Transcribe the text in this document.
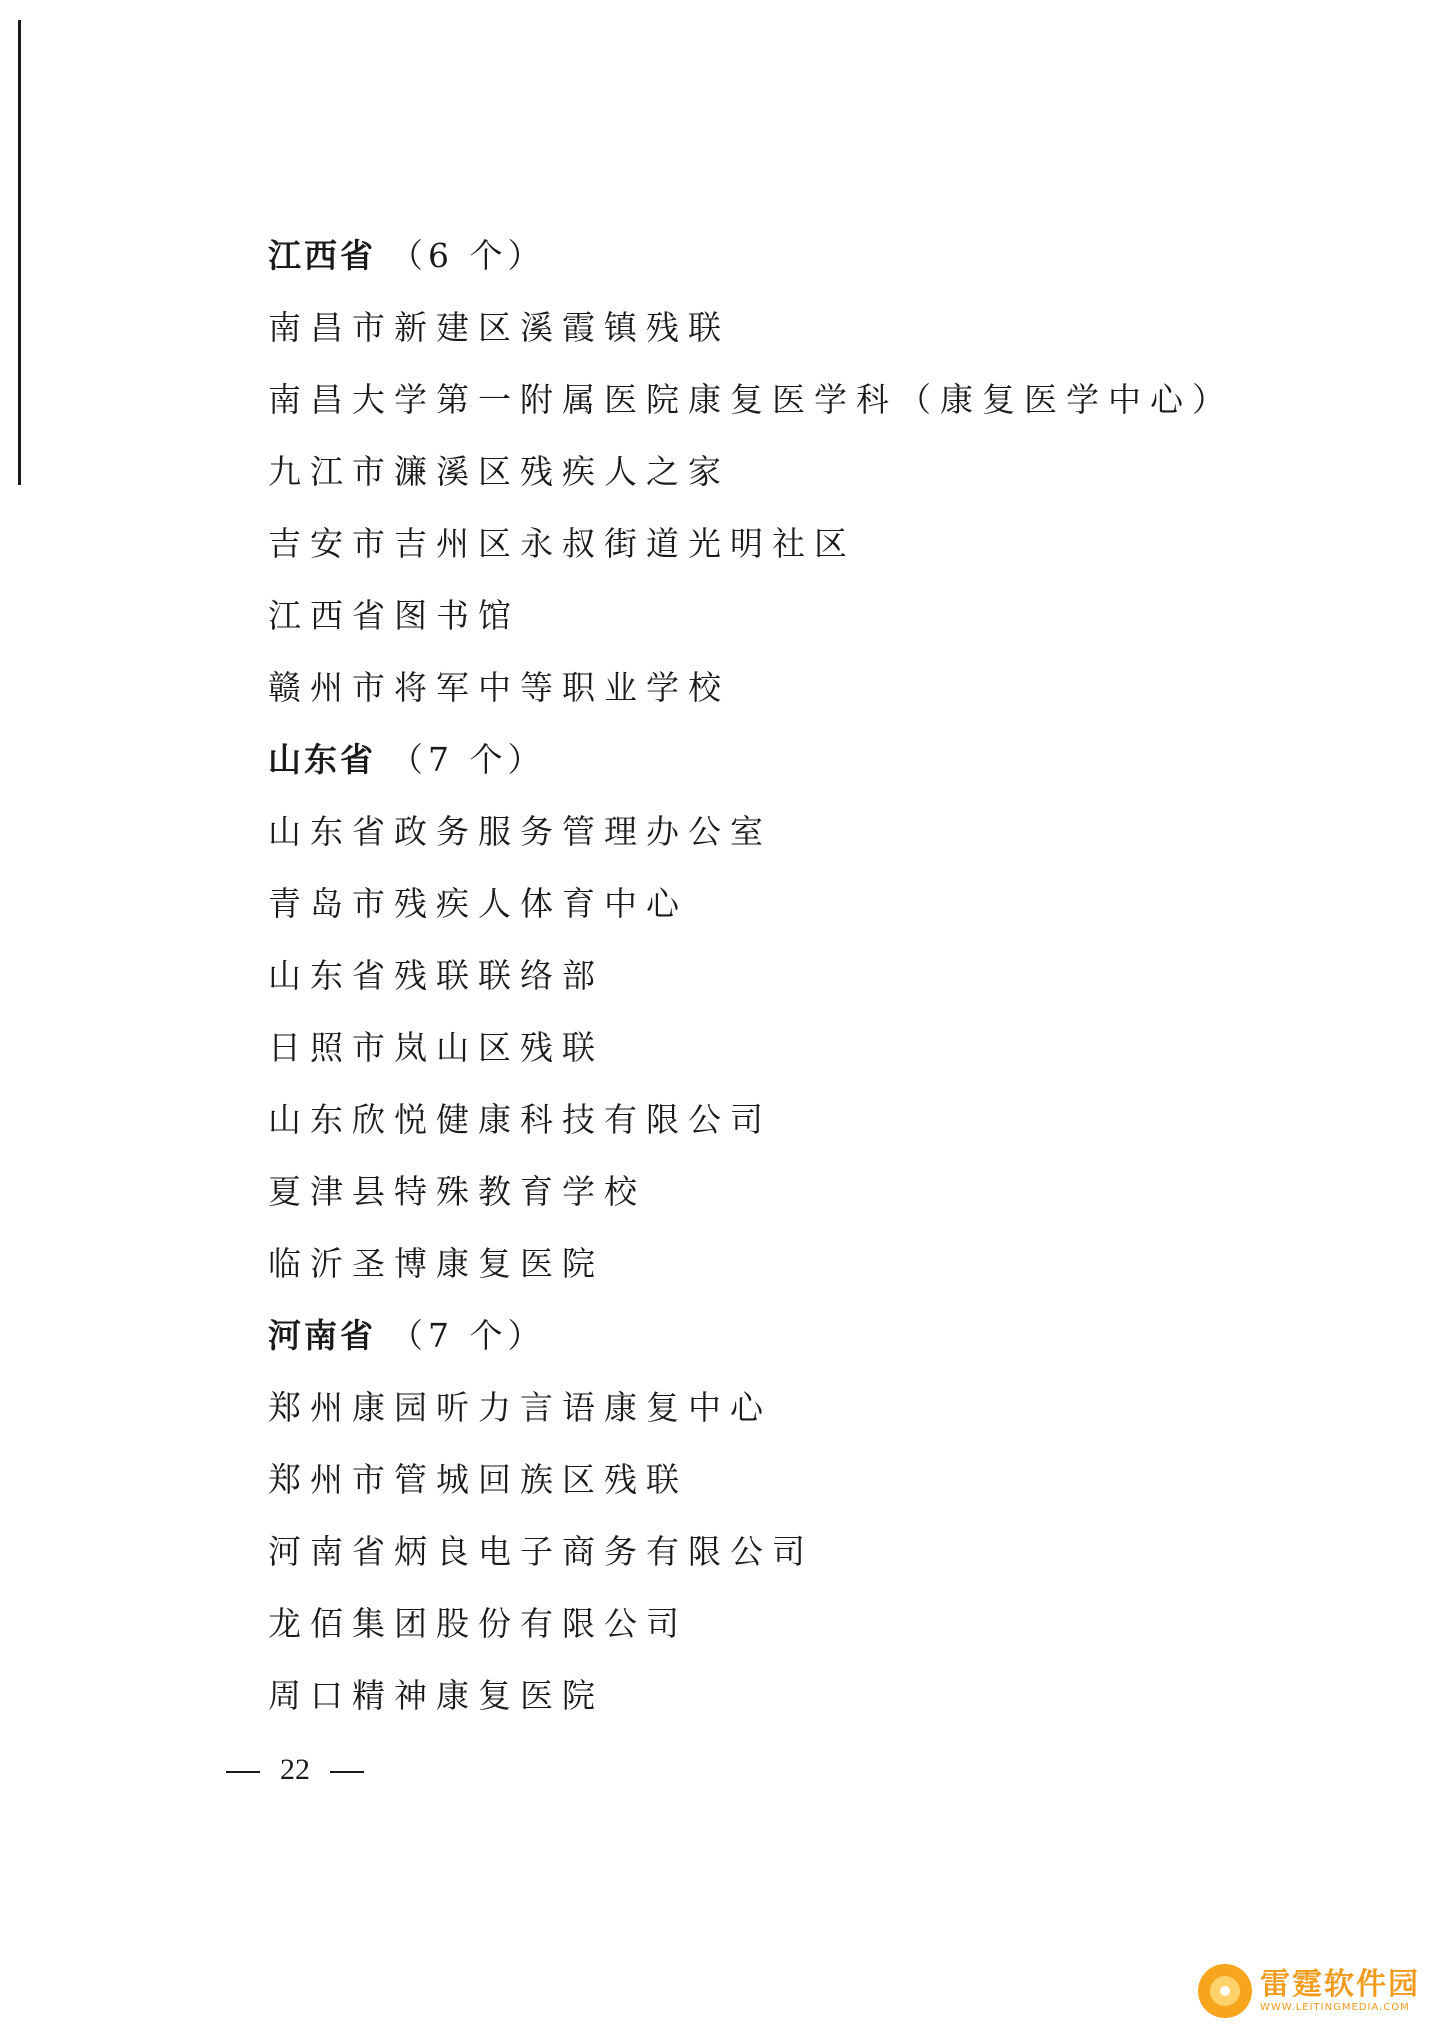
江西省 （6 个）
南昌市新建区溪霞镇残联
南昌大学第一附属医院康复医学科（康复医学中心）
九江市濂溪区残疾人之家
吉安市吉州区永叔街道光明社区
江西省图书馆
赣州市将军中等职业学校
山东省 （7 个）
山东省政务服务管理办公室
青岛市残疾人体育中心
山东省残联联络部
日照市岚山区残联
山东欣悦健康科技有限公司
夏津县特殊教育学校
临沂圣博康复医院
河南省 （7 个）
郑州康园听力言语康复中心
郑州市管城回族区残联
河南省炳良电子商务有限公司
龙佰集团股份有限公司
周口精神康复医院
22
雷霆软件园
WWW.LEITINGMEDIA.COM
